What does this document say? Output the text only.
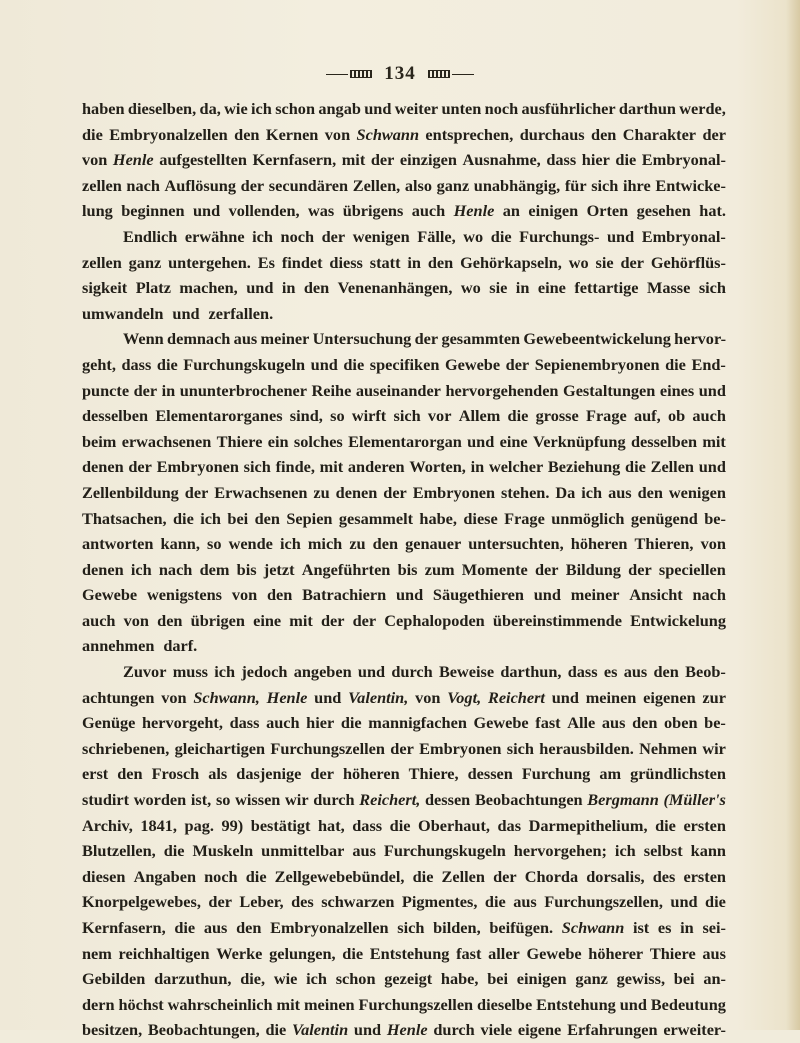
134
haben dieselben, da, wie ich schon angab und weiter unten noch ausführlicher darthun werde,
die Embryonalzellen den Kernen von Schwann entsprechen, durchaus den Charakter der
von Henle aufgestellten Kernfasern, mit der einzigen Ausnahme, dass hier die Embryonal-
zellen nach Auflösung der secundären Zellen, also ganz unabhängig, für sich ihre Entwicke-
lung beginnen und vollenden, was übrigens auch Henle an einigen Orten gesehen hat.
Endlich erwähne ich noch der wenigen Fälle, wo die Furchungs- und Embryonal-
zellen ganz untergehen. Es findet diess statt in den Gehörkapseln, wo sie der Gehörflüs-
sigkeit Platz machen, und in den Venenanhängen, wo sie in eine fettartige Masse sich
umwandeln und zerfallen.
Wenn demnach aus meiner Untersuchung der gesammten Gewebeentwickelung hervor-
geht, dass die Furchungskugeln und die specifiken Gewebe der Sepienembryonen die End-
puncte der in ununterbrochener Reihe auseinander hervorgehenden Gestaltungen eines und
desselben Elementarorganes sind, so wirft sich vor Allem die grosse Frage auf, ob auch
beim erwachsenen Thiere ein solches Elementarorgan und eine Verknüpfung desselben mit
denen der Embryonen sich finde, mit anderen Worten, in welcher Beziehung die Zellen und
Zellenbildung der Erwachsenen zu denen der Embryonen stehen. Da ich aus den wenigen
Thatsachen, die ich bei den Sepien gesammelt habe, diese Frage unmöglich genügend be-
antworten kann, so wende ich mich zu den genauer untersuchten, höheren Thieren, von
denen ich nach dem bis jetzt Angeführten bis zum Momente der Bildung der speciellen
Gewebe wenigstens von den Batrachiern und Säugethieren und meiner Ansicht nach
auch von den übrigen eine mit der der Cephalopoden übereinstimmende Entwickelung
annehmen darf.
Zuvor muss ich jedoch angeben und durch Beweise darthun, dass es aus den Beob-
achtungen von Schwann, Henle und Valentin, von Vogt, Reichert und meinen eigenen zur
Genüge hervorgeht, dass auch hier die mannigfachen Gewebe fast Alle aus den oben be-
schriebenen, gleichartigen Furchungszellen der Embryonen sich herausbilden. Nehmen wir
erst den Frosch als dasjenige der höheren Thiere, dessen Furchung am gründlichsten
studirt worden ist, so wissen wir durch Reichert, dessen Beobachtungen Bergmann (Müller's
Archiv, 1841, pag. 99) bestätigt hat, dass die Oberhaut, das Darmepithelium, die ersten
Blutzellen, die Muskeln unmittelbar aus Furchungskugeln hervorgehen; ich selbst kann
diesen Angaben noch die Zellgewebebündel, die Zellen der Chorda dorsalis, des ersten
Knorpelgewebes, der Leber, des schwarzen Pigmentes, die aus Furchungszellen, und die
Kernfasern, die aus den Embryonalzellen sich bilden, beifügen. Schwann ist es in sei-
nem reichhaltigen Werke gelungen, die Entstehung fast aller Gewebe höherer Thiere aus
Gebilden darzuthun, die, wie ich schon gezeigt habe, bei einigen ganz gewiss, bei an-
dern höchst wahrscheinlich mit meinen Furchungszellen dieselbe Entstehung und Bedeutung
besitzen, Beobachtungen, die Valentin und Henle durch viele eigene Erfahrungen erweiter-
